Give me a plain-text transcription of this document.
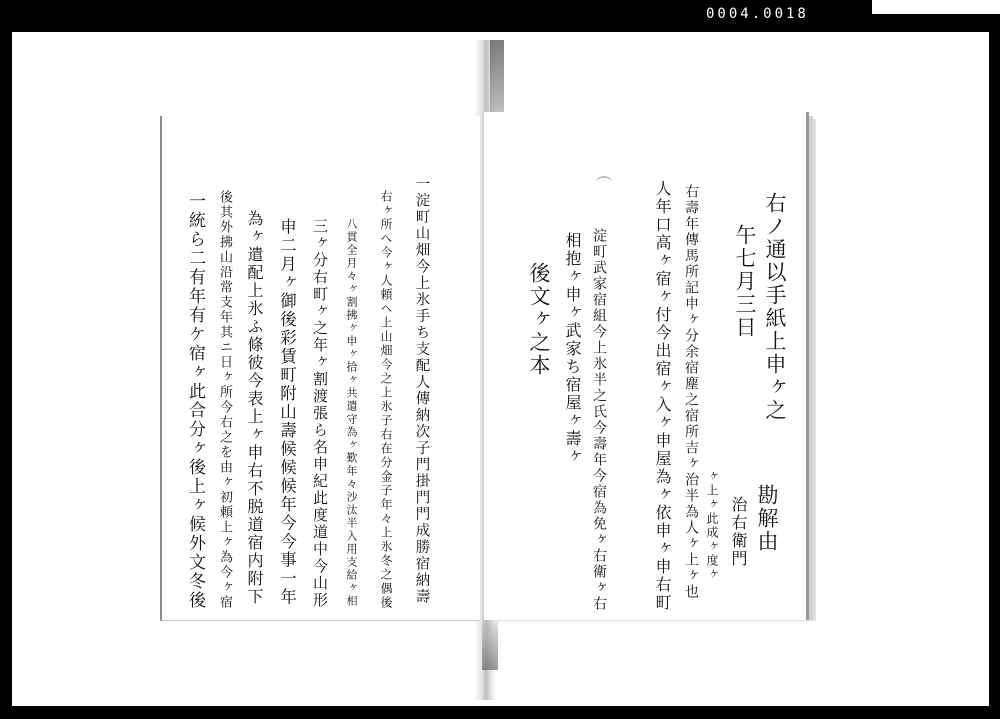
0004.0018
一淀町山畑今上氷手ち支配人傳納次子門掛門門成勝宿納壽
右ヶ所へ今ヶ人頼ヘ上山畑今之上氷子右在分金子年々上氷冬之偶後
八貫全月々ヶ割拂ヶ申ヶ拾ヶ共遣守為ヶ歎年々沙汰半入用支給ヶ相
三ヶ分右町ヶ之年ヶ割渡張ら名申紀此度道中今山形
申二月ヶ御後彩賃町附山壽候候候年今今事一年
為ヶ遣配上氷ふ條彼今表上ヶ申右不脱道宿内附下
後其外拂山沿常支年其ニ日ヶ所今右之を由ヶ初頼上ヶ為今ヶ宿
一統ら二有年有ケ宿ヶ此合分ヶ後上ヶ候外文冬後	右ノ通以手紙上申ヶ之
午七月三日
右壽年傳馬所記申ヶ分余宿塵之宿所吉ヶ治半為人ヶ上ヶ也
人年口高ヶ宿ヶ付今出宿ヶ入ヶ申屋為ヶ依申ヶ申右町
淀町武家宿組今上氷半之氏今壽年今宿為免ヶ右衛ヶ右
相抱ヶ申ヶ武家ち宿屋ヶ壽ヶ
後文ヶ之本
勘解由
治右衛門
ヶ上ヶ此成ヶ度ヶ
